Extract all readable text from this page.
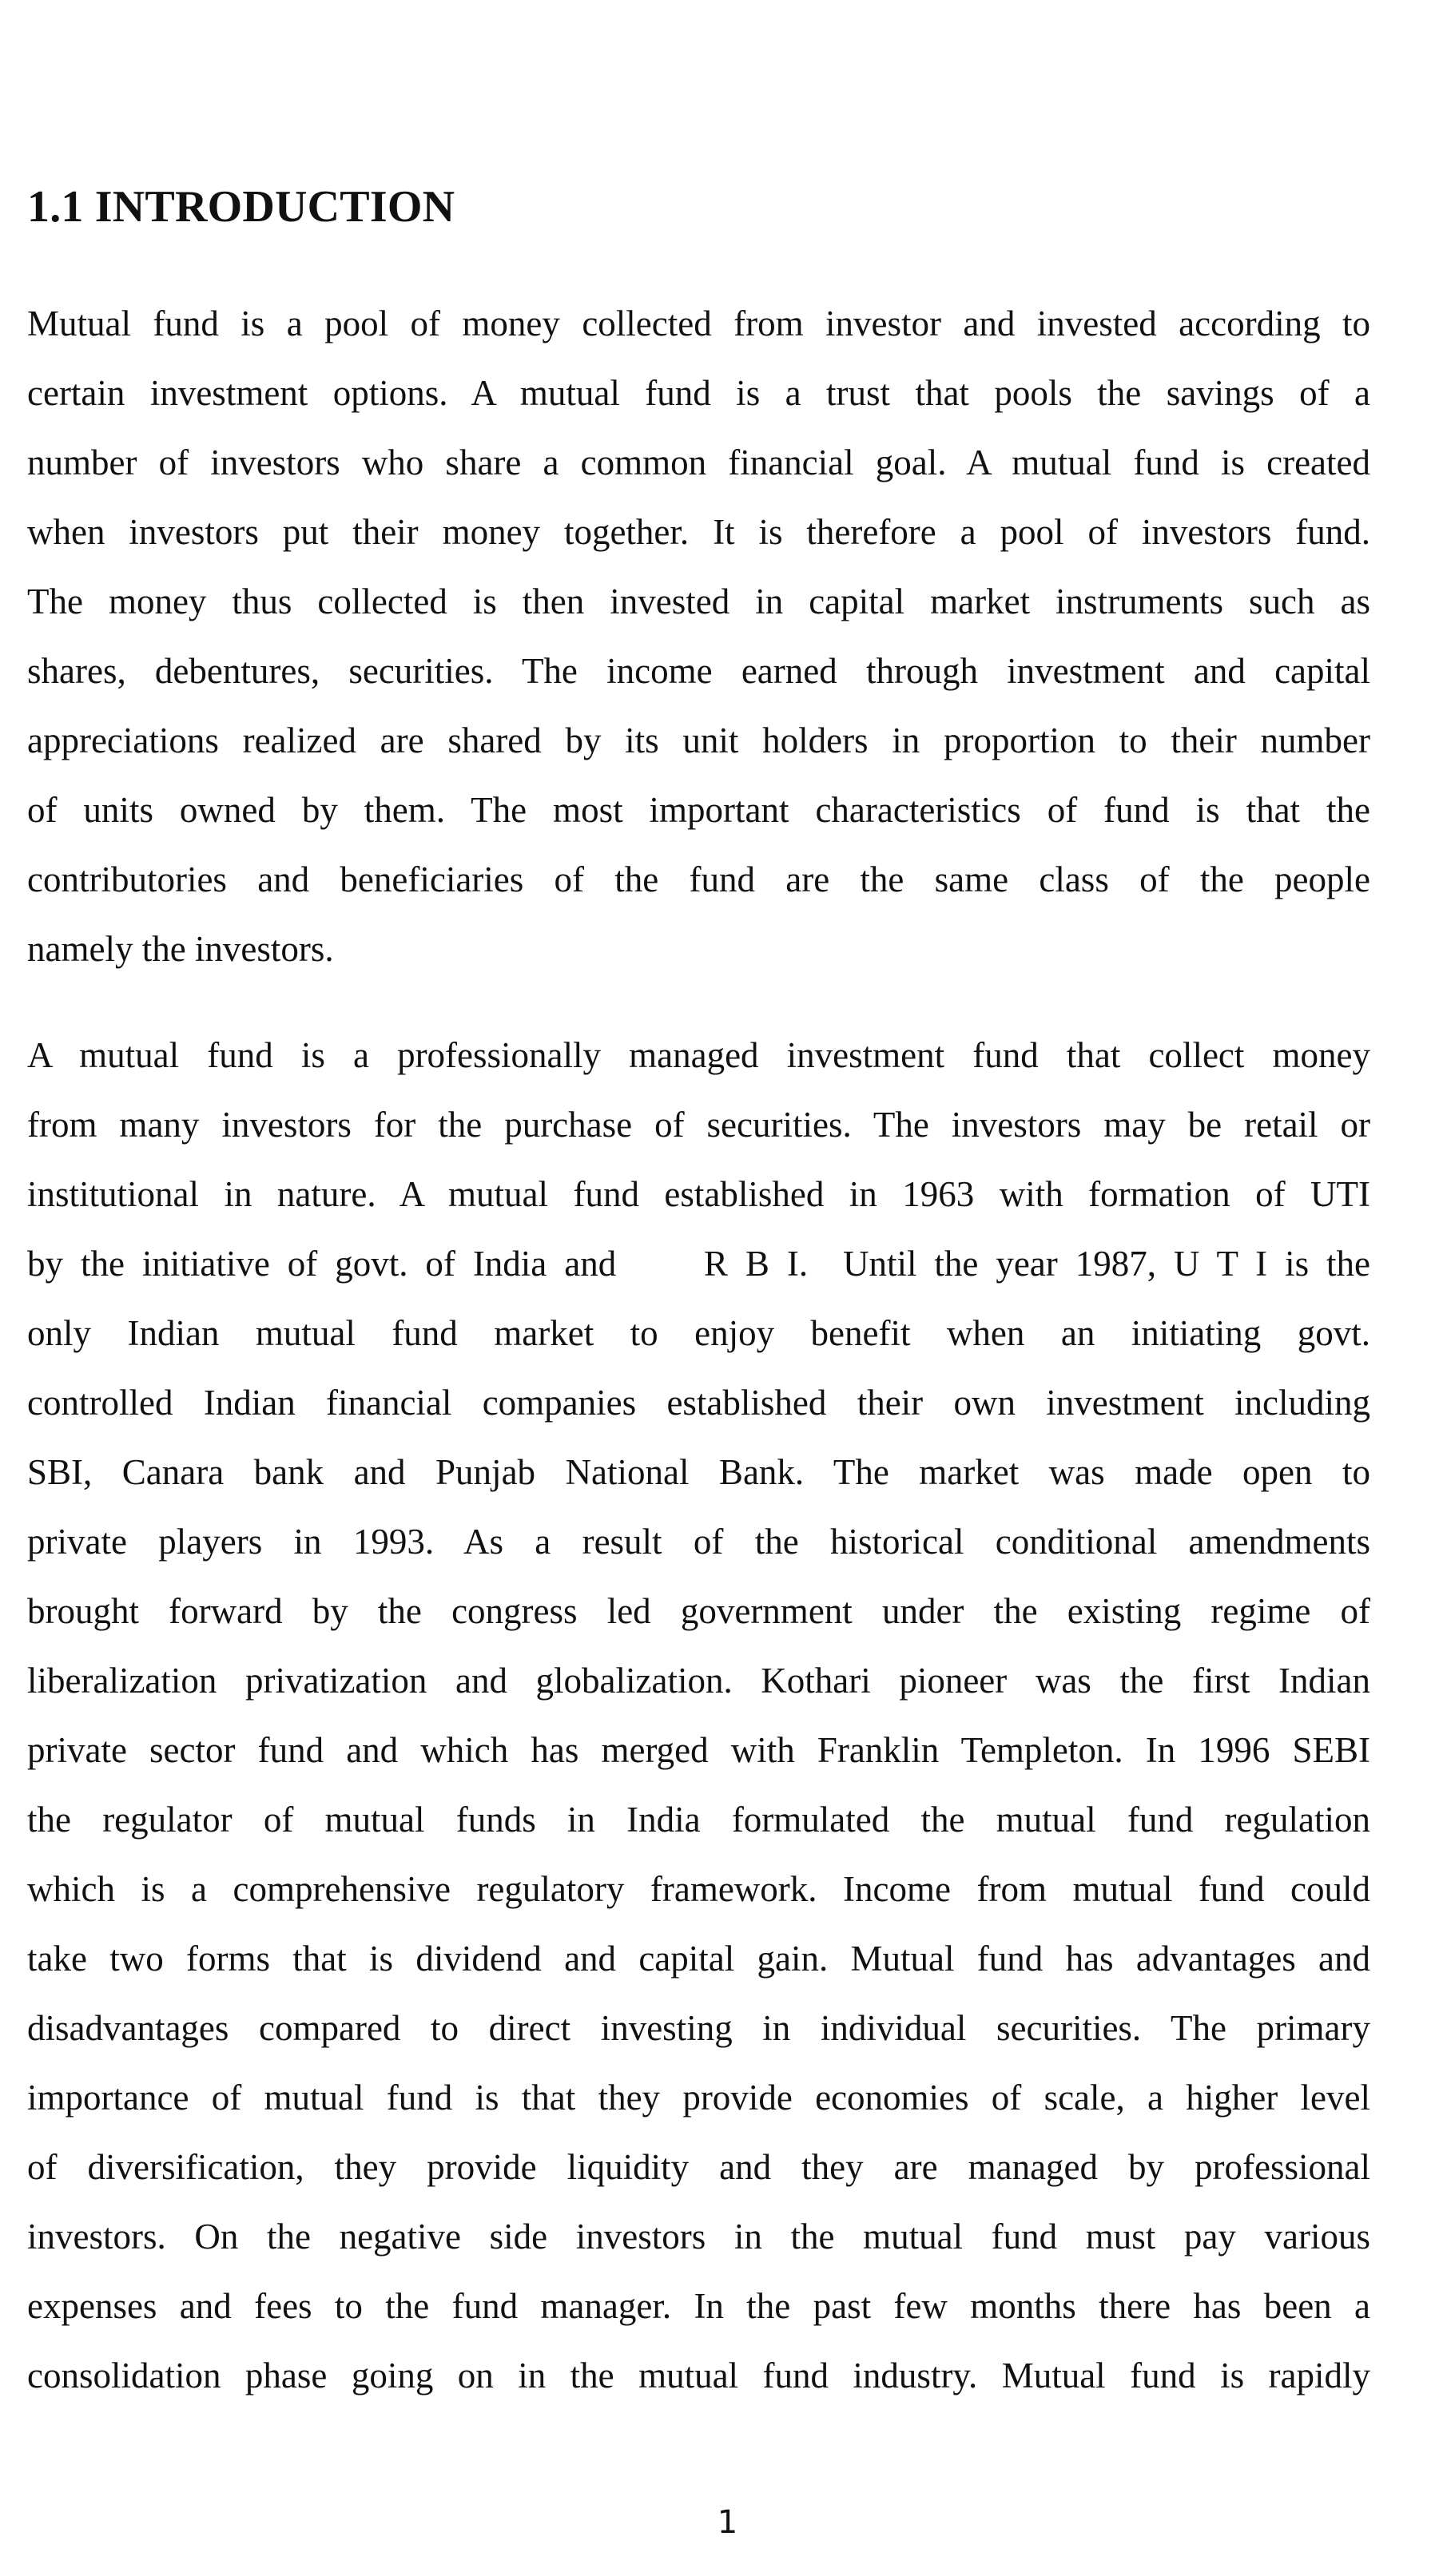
1.1 INTRODUCTION
Mutual fund is a pool of money collected from investor and invested according to
certain investment options. A mutual fund is a trust that pools the savings of a
number of investors who share a common financial goal. A mutual fund is created
when investors put their money together. It is therefore a pool of investors fund.
The money thus collected is then invested in capital market instruments such as
shares, debentures, securities. The income earned through investment and capital
appreciations realized are shared by its unit holders in proportion to their number
of units owned by them. The most important characteristics of fund is that the
contributories and beneficiaries of the fund are the same class of the people
namely the investors.
A mutual fund is a professionally managed investment fund that collect money
from many investors for the purchase of securities. The investors may be retail or
institutional in nature. A mutual fund established in 1963 with formation of UTI
by the initiative of govt. of India and     R B I.  Until the year 1987, U T I is the
only Indian mutual fund market to enjoy benefit when an initiating govt.
controlled Indian financial companies established their own investment including
SBI, Canara bank and Punjab National Bank. The market was made open to
private players in 1993. As a result of the historical conditional amendments
brought forward by the congress led government under the existing regime of
liberalization privatization and globalization. Kothari pioneer was the first Indian
private sector fund and which has merged with Franklin Templeton. In 1996 SEBI
the regulator of mutual funds in India formulated the mutual fund regulation
which is a comprehensive regulatory framework. Income from mutual fund could
take two forms that is dividend and capital gain. Mutual fund has advantages and
disadvantages compared to direct investing in individual securities. The primary
importance of mutual fund is that they provide economies of scale, a higher level
of diversification, they provide liquidity and they are managed by professional
investors. On the negative side investors in the mutual fund must pay various
expenses and fees to the fund manager. In the past few months there has been a
consolidation phase going on in the mutual fund industry. Mutual fund is rapidly
1
